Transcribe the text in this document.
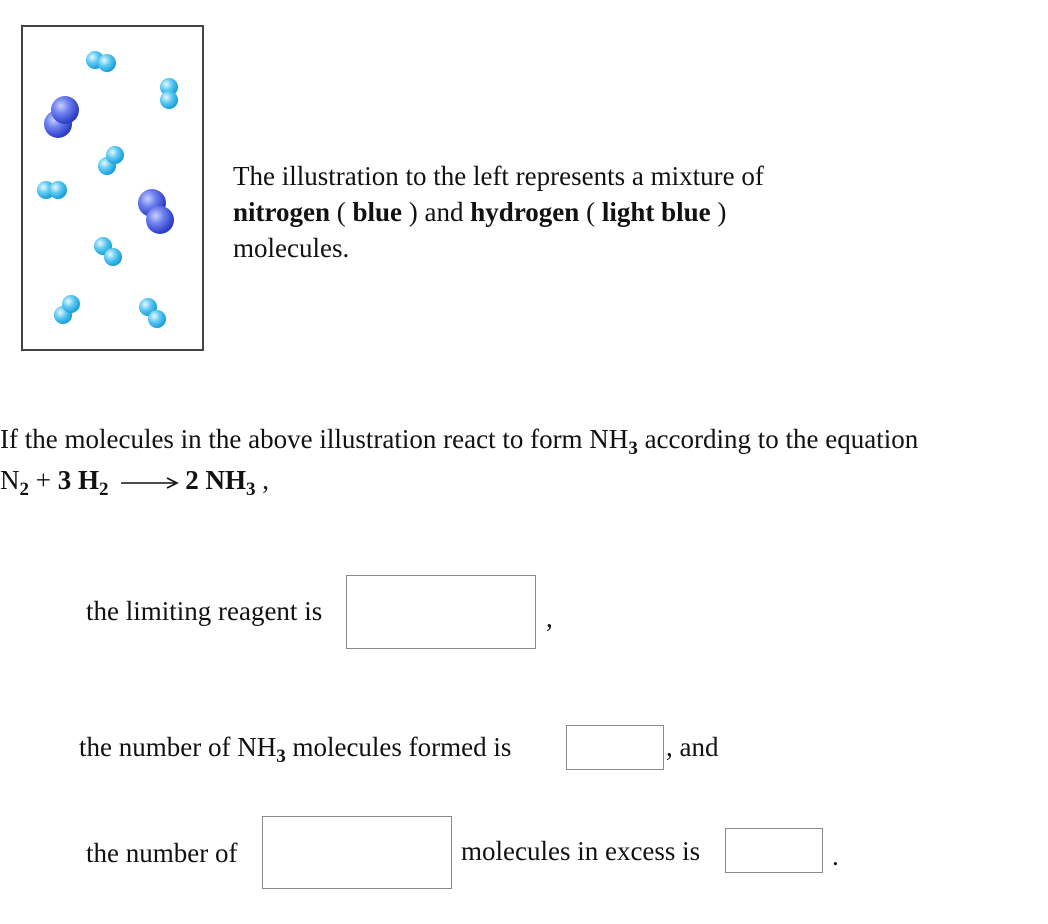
The illustration to the left represents a mixture of
nitrogen ( blue ) and hydrogen ( light blue )
molecules.
If the molecules in the above illustration react to form $NH_3$ according to the equation
$N_2 + 3$ $H_2 \to 2$ $NH_3$ ,
the limiting reagent is	,
the number of $NH_3$ molecules formed is	, and
the number of	molecules in excess is	.
